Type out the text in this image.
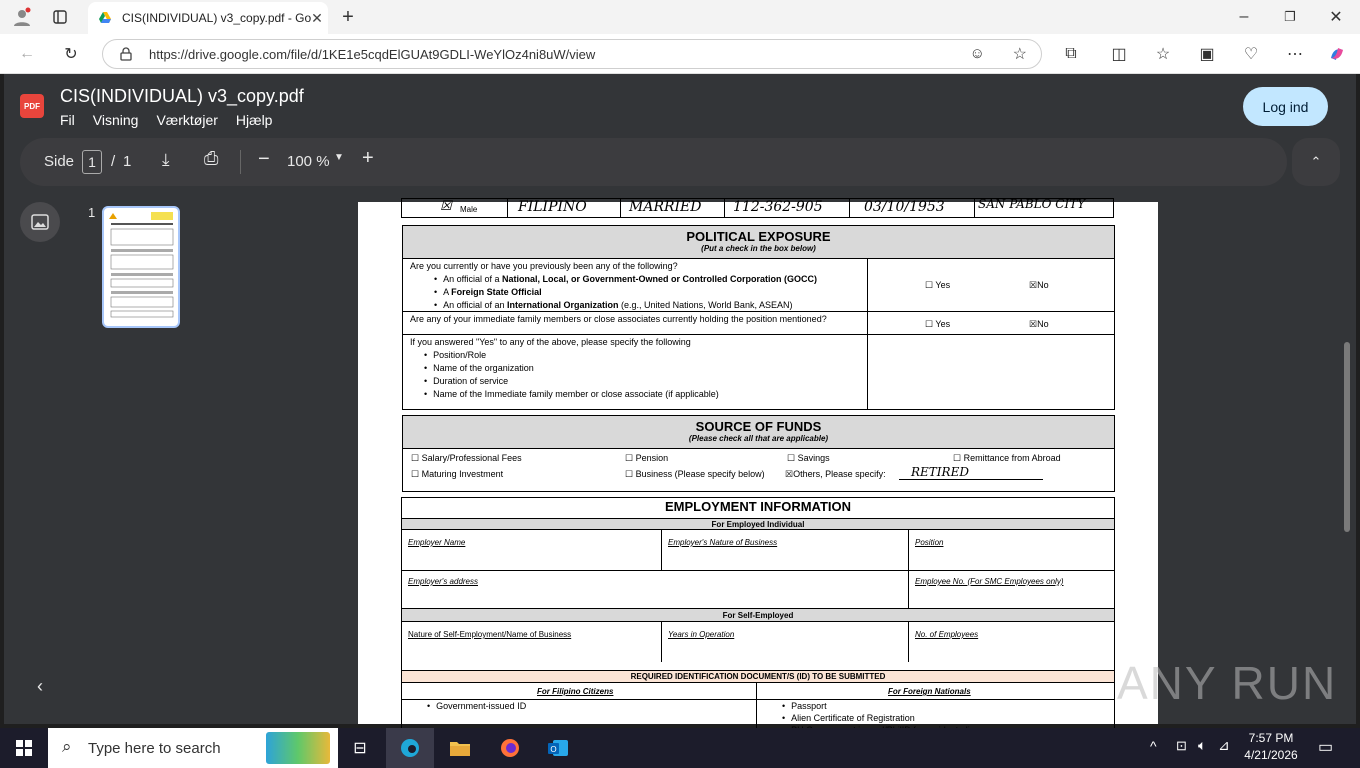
CIS(INDIVIDUAL) v3_copy.pdf - Go ✕ +	–	❐	✕
←	↻	https://drive.google.com/file/d/1KE1e5cqdElGUAt9GDLI-WeYlOz4ni8uW/view	☺ ☆	⧉	◫	☆	▣	♡	⋯
PDF CIS(INDIVIDUAL) v3_copy.pdf
Fil Visning Værktøjer Hjælp
Log ind
Side	1	/ 1 ⤓ ⎙ − 100 % ▼ +	⌃
1
‹
☒ Male	FILIPINO	MARRIED 112-362-905	03/10/1953	SAN PABLO CITY
POLITICAL EXPOSURE
(Put a check in the box below)
Are you currently or have you previously been any of the following?
• An official of a National, Local, or Government-Owned or Controlled Corporation (GOCC)
• A Foreign State Official
• An official of an International Organization (e.g., United Nations, World Bank, ASEAN)
☐ Yes	☒No
Are any of your immediate family members or close associates currently holding the position mentioned?	☐ Yes	☒No
If you answered "Yes" to any of the above, please specify the following
• Position/Role
• Name of the organization
• Duration of service
• Name of the Immediate family member or close associate (if applicable)
SOURCE OF FUNDS
(Please check all that are applicable)
☐ Salary/Professional Fees	☐ Pension	☐ Savings	☐ Remittance from Abroad
☐ Maturing Investment	☐ Business (Please specify below) ☒Others, Please specify: RETIRED
EMPLOYMENT INFORMATION
For Employed Individual
Employer Name	Employer's Nature of Business	Position
Employer's address	Employee No. (For SMC Employees only)
For Self-Employed
Nature of Self-Employment/Name of Business	Years in Operation	No. of Employees
REQUIRED IDENTIFICATION DOCUMENT/S (ID) TO BE SUBMITTED
For Filipino Citizens	For Foreign Nationals
• Government-issued ID
•	Passport
• Alien Certificate of Registration
•
ANY RUN
⌕ Type here to search	⊟	O	^ ⊡ 🔈︎ ⊿	7:57 PM
4/21/2026	▭
